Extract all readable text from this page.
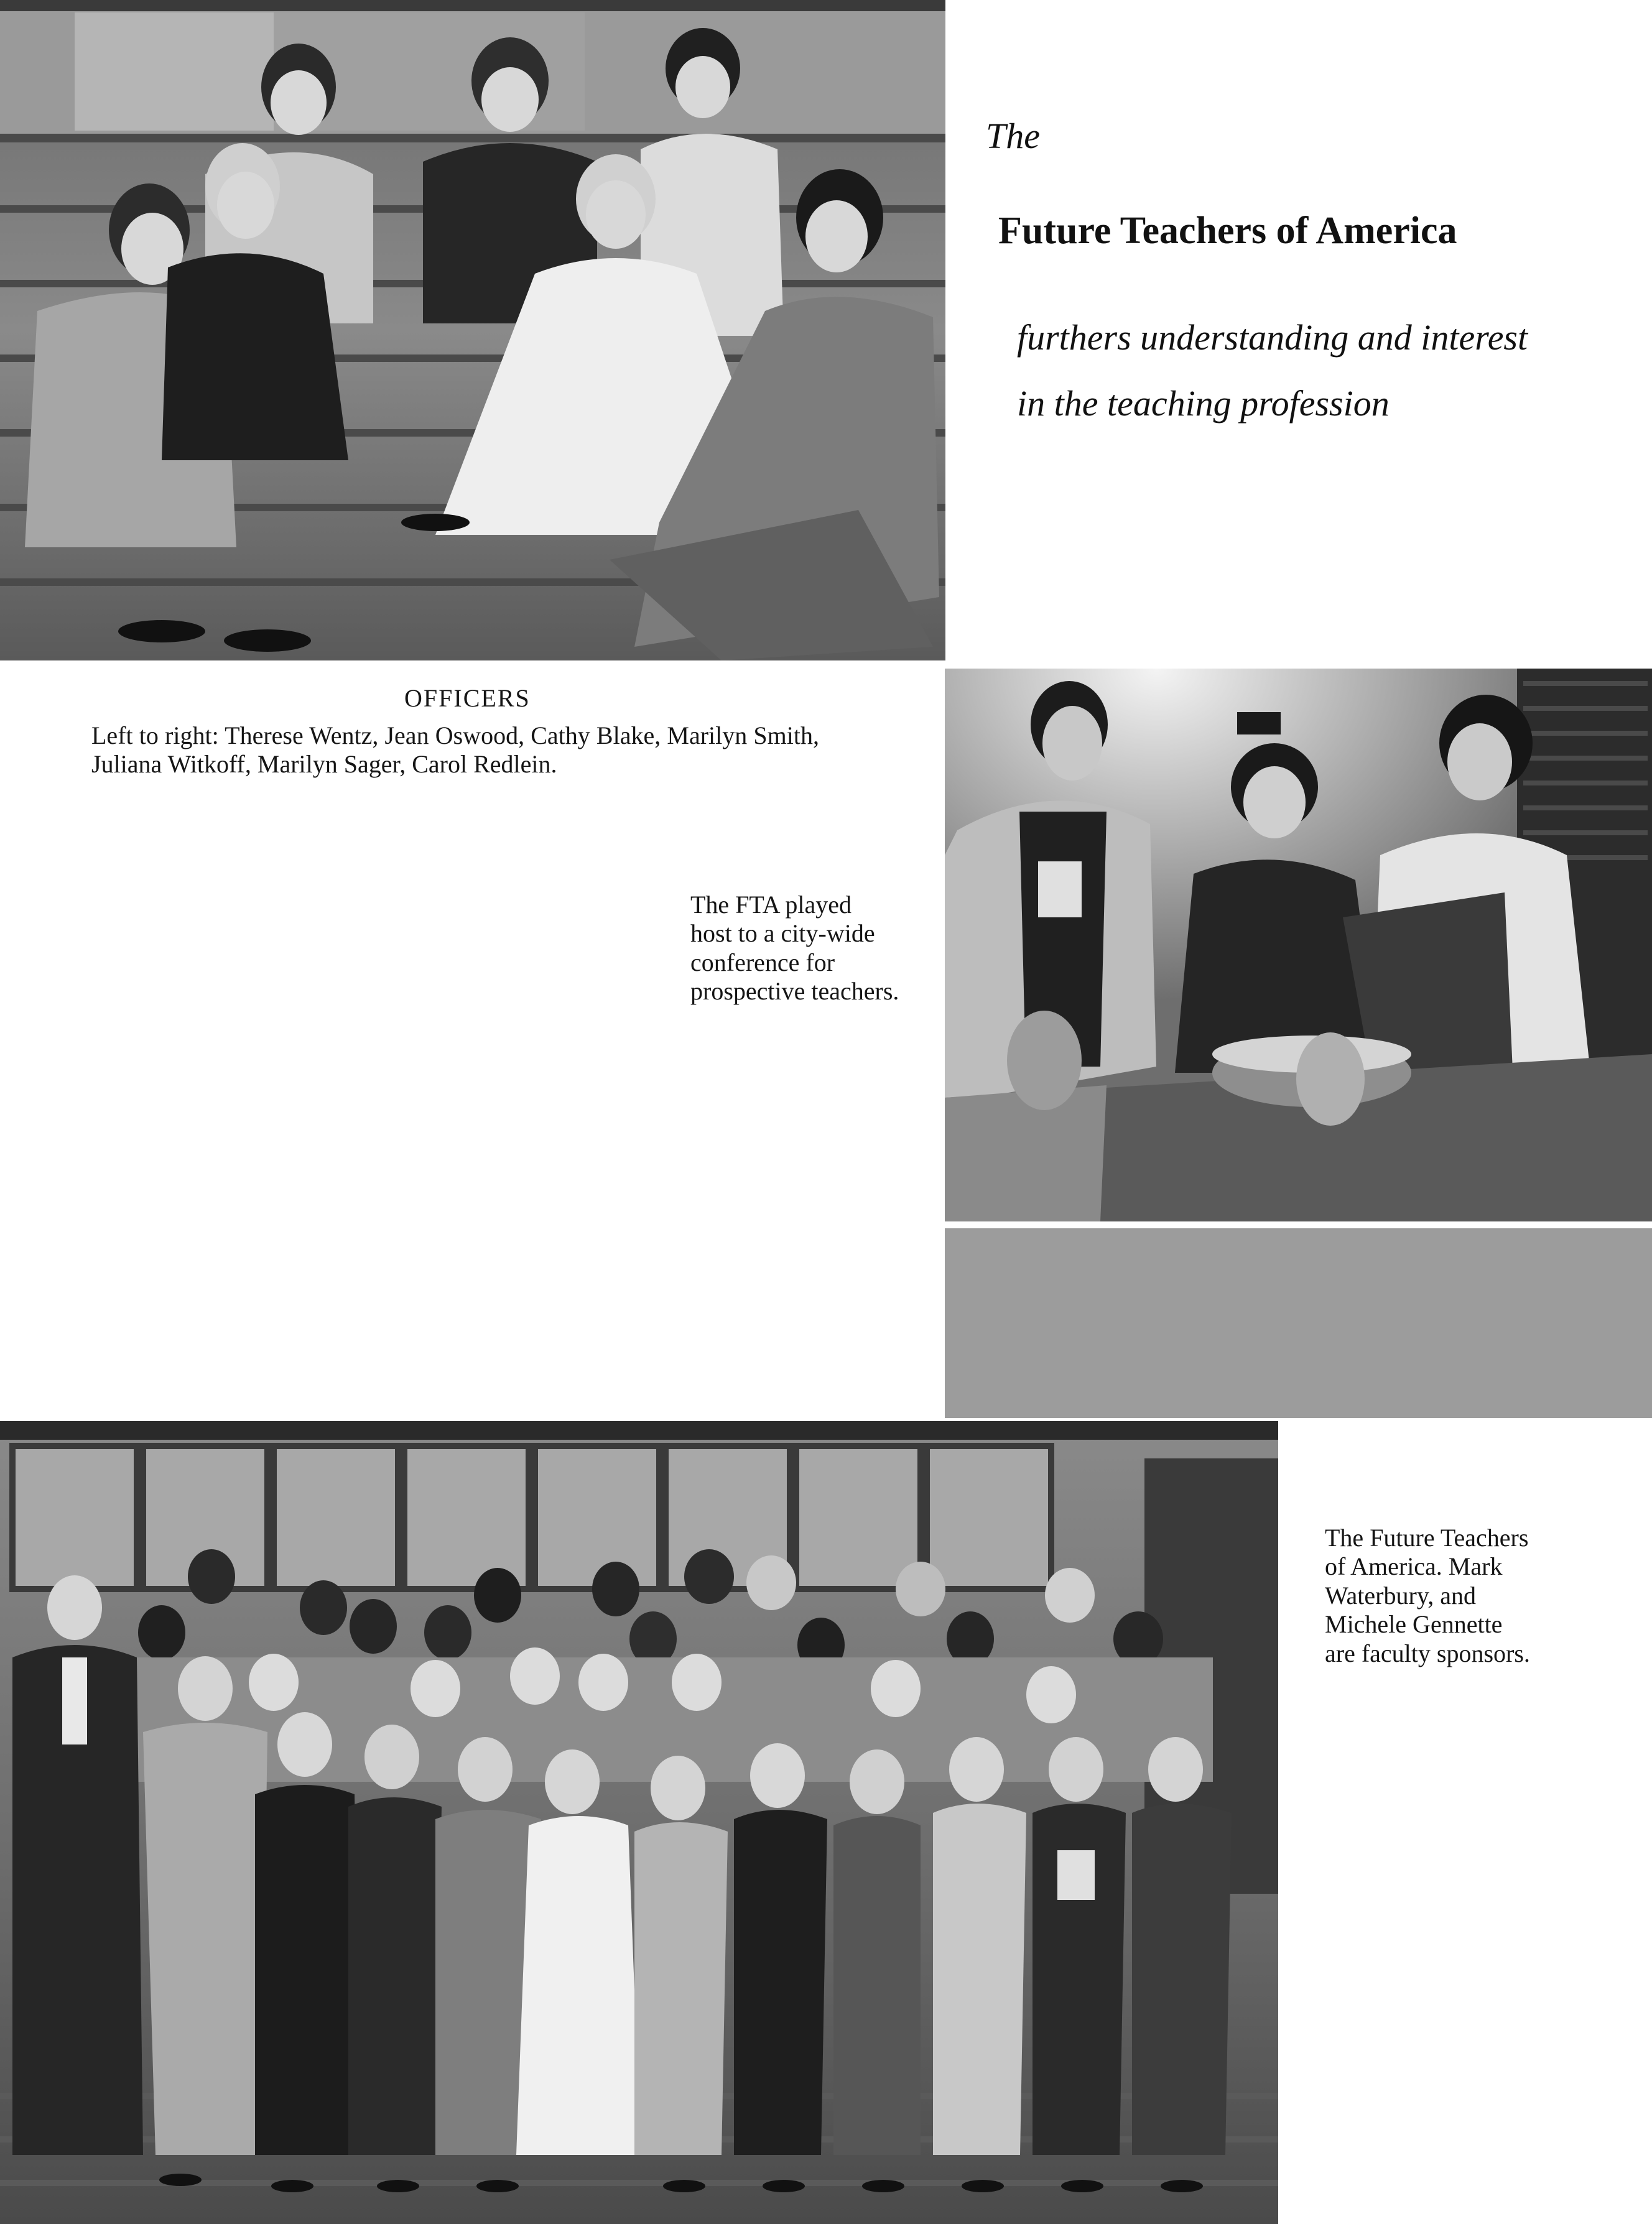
The
Future Teachers of America
furthers understanding and interest
in the teaching profession
OFFICERS
Left to right: Therese Wentz, Jean Oswood, Cathy Blake, Marilyn Smith, Juliana Witkoff, Marilyn Sager, Carol Redlein.
The FTA played
host to a city-wide
conference for
prospective teachers.
The Future Teachers
of America. Mark
Waterbury, and
Michele Gennette
are faculty sponsors.
